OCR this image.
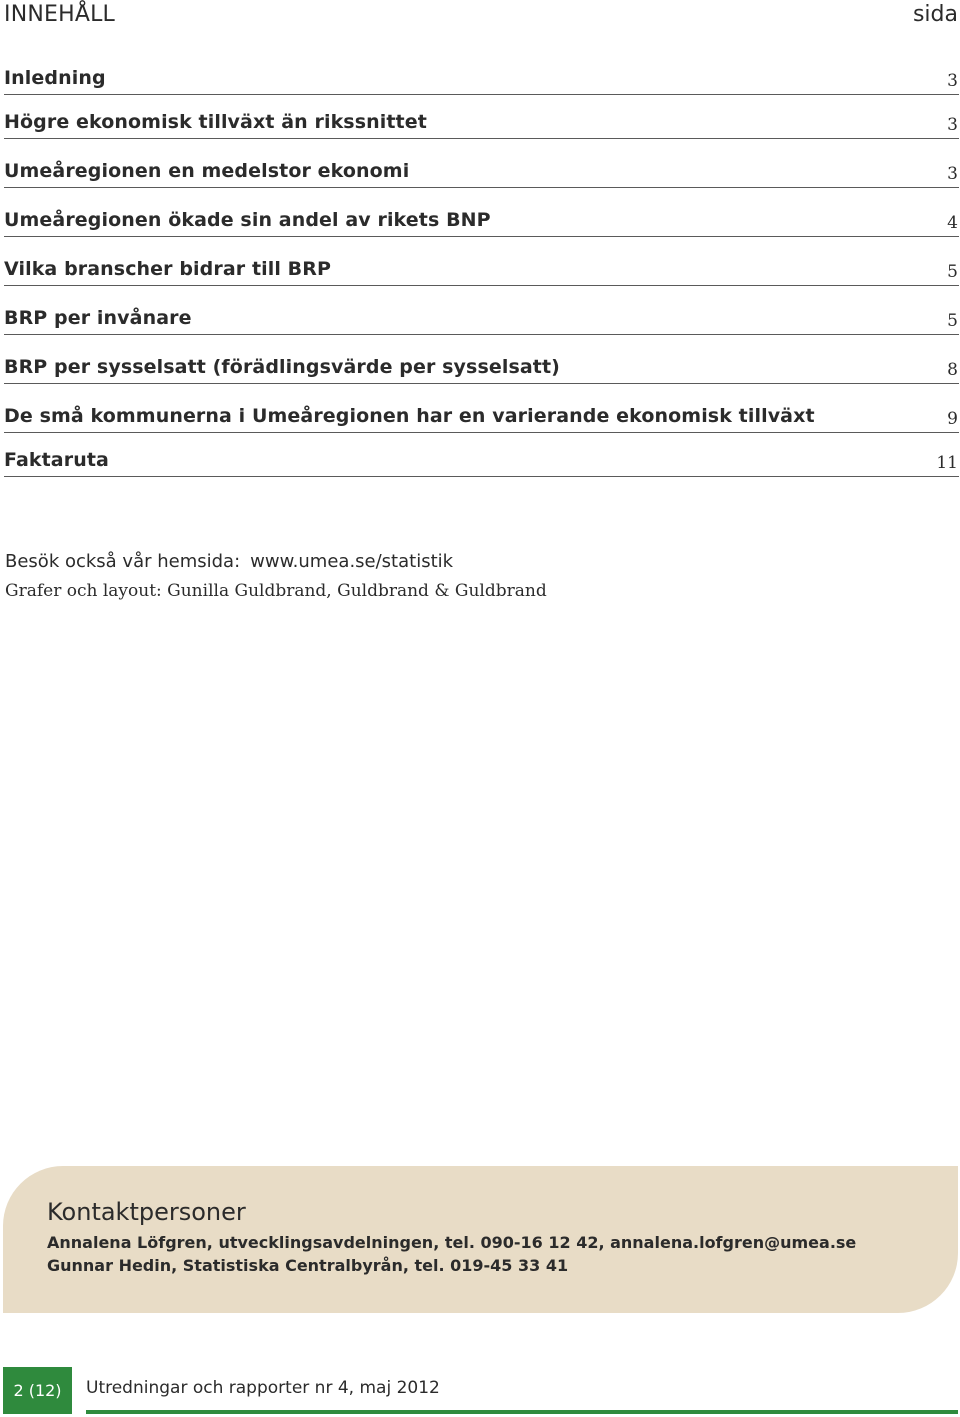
INNEHÅLL	sida
Inledning	3
Högre ekonomisk tillväxt än rikssnittet	3
Umeåregionen en medelstor ekonomi	3
Umeåregionen ökade sin andel av rikets BNP	4
Vilka branscher bidrar till BRP	5
BRP per invånare	5
BRP per sysselsatt (förädlingsvärde per sysselsatt)	8
De små kommunerna i Umeåregionen har en varierande ekonomisk tillväxt	9
Faktaruta	11
Besök också vår hemsida: www.umea.se/statistik
Grafer och layout: Gunilla Guldbrand, Guldbrand & Guldbrand
Kontaktpersoner
Annalena Löfgren, utvecklingsavdelningen, tel. 090-16 12 42, annalena.lofgren@umea.se
Gunnar Hedin, Statistiska Centralbyrån, tel. 019-45 33 41
2 (12)	Utredningar och rapporter nr 4, maj 2012
